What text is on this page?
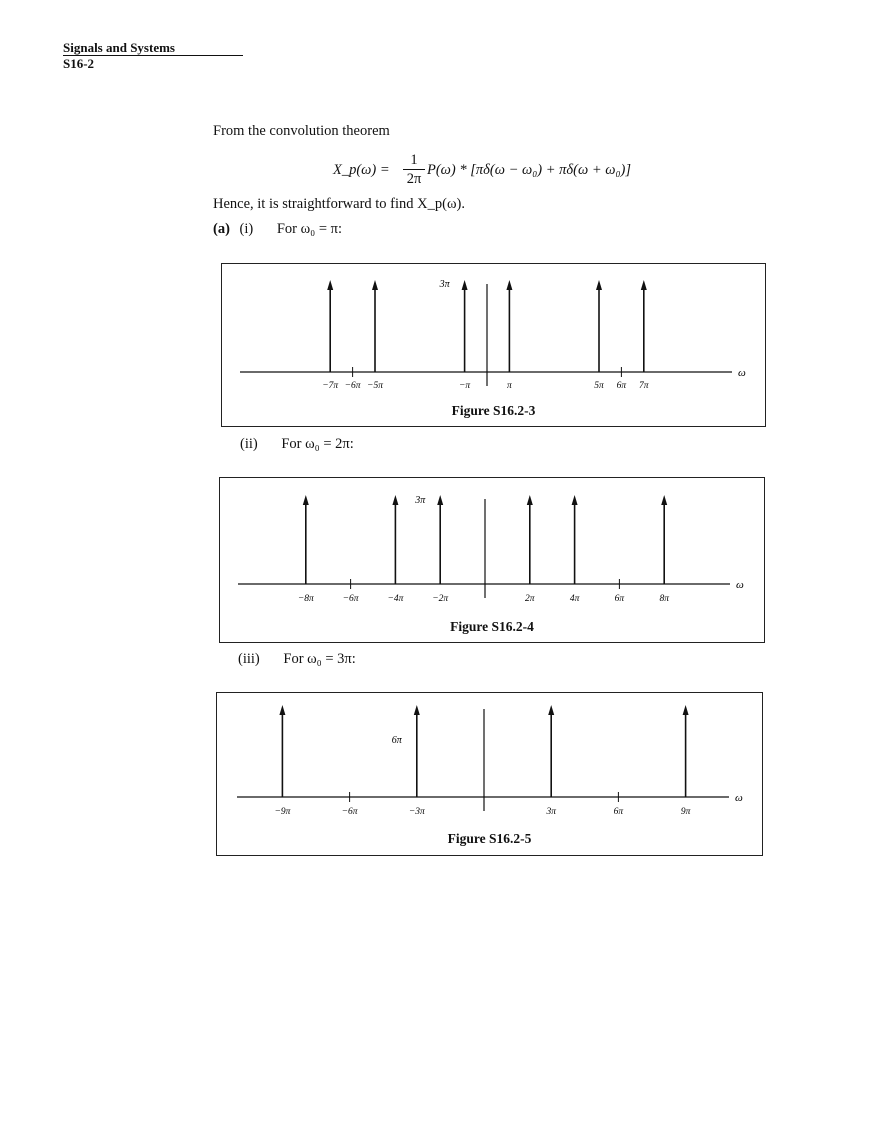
Signals and Systems
S16-2
From the convolution theorem
X_p(ω) =
1
2π
P(ω) * [πδ(ω − ω₀) + πδ(ω + ω₀)]
Hence, it is straightforward to find X_p(ω).
(a) (i) For ω₀ = π:
ω
−7π −6π −5π	−π	π	5π 6π 7π
3π
Figure S16.2-3
(ii) For ω₀ = 2π:
ω
−8π	−6π	−4π	−2π	2π	4π	6π	8π
3π
Figure S16.2-4
(iii) For ω₀ = 3π:
ω
−9π	−6π	−3π	3π	6π	9π
6π
Figure S16.2-5
